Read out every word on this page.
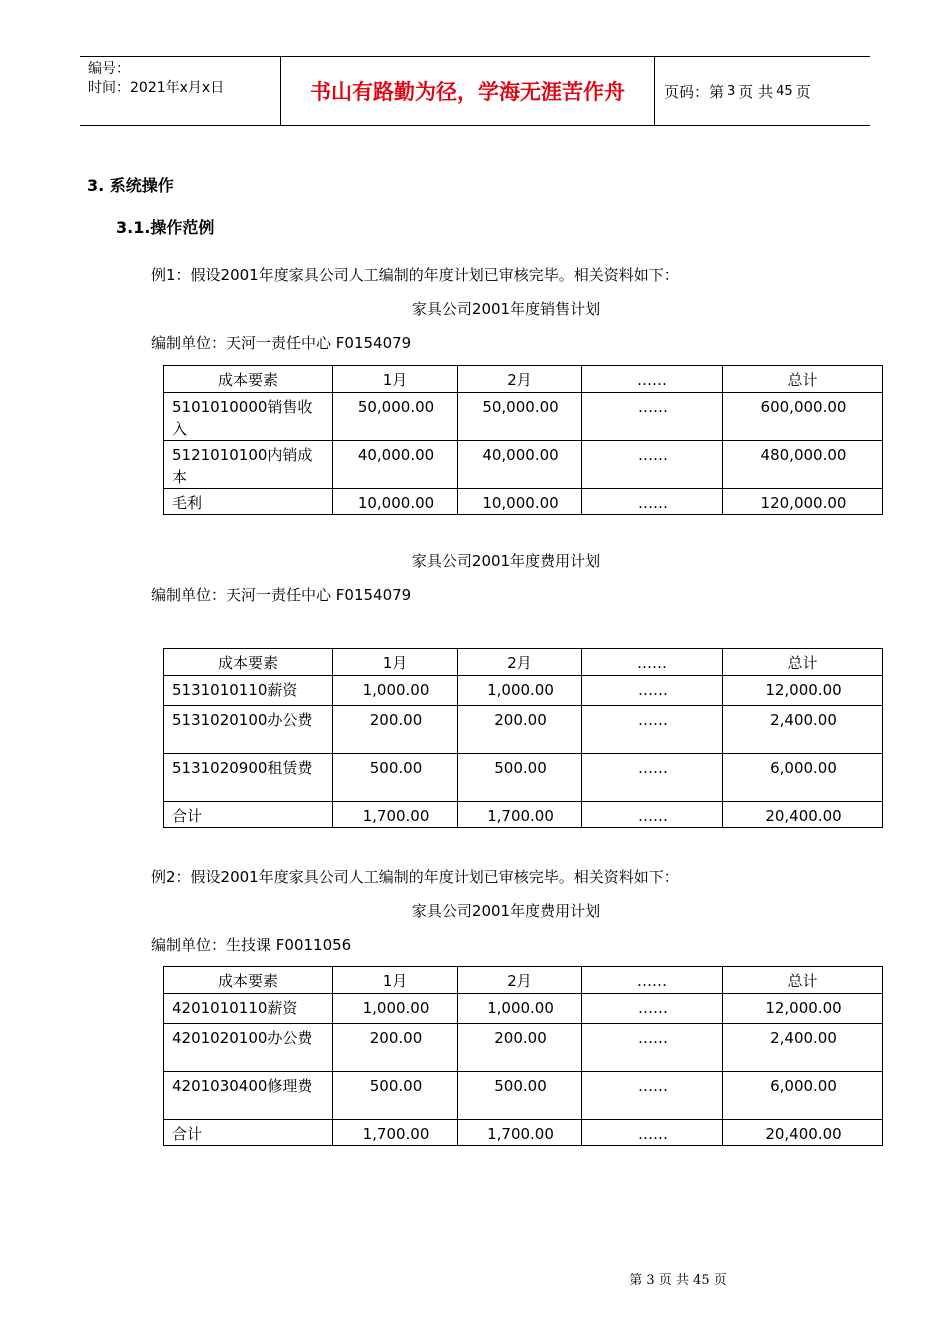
编号：
时间：2021年x月x日	书山有路勤为径，学海无涯苦作舟	页码：第 3 页 共 45 页
3. 系统操作
3.1.操作范例
例1：假设2001年度家具公司人工编制的年度计划已审核完毕。相关资料如下：
家具公司2001年度销售计划
编制单位：天河一责任中心 F0154079
成本要素	1月	2月	……	总计
5101010000销售收入	50,000.00	50,000.00	……	600,000.00
5121010100内销成本	40,000.00	40,000.00	……	480,000.00
毛利	10,000.00	10,000.00	……	120,000.00
家具公司2001年度费用计划
编制单位：天河一责任中心 F0154079
成本要素	1月	2月	……	总计
5131010110薪资	1,000.00	1,000.00	……	12,000.00
5131020100办公费	200.00	200.00	……	2,400.00
5131020900租赁费	500.00	500.00	……	6,000.00
合计	1,700.00	1,700.00	……	20,400.00
例2：假设2001年度家具公司人工编制的年度计划已审核完毕。相关资料如下：
家具公司2001年度费用计划
编制单位：生技课 F0011056
成本要素	1月	2月	……	总计
4201010110薪资	1,000.00	1,000.00	……	12,000.00
4201020100办公费	200.00	200.00	……	2,400.00
4201030400修理费	500.00	500.00	……	6,000.00
合计	1,700.00	1,700.00	……	20,400.00
第 3 页 共 45 页
